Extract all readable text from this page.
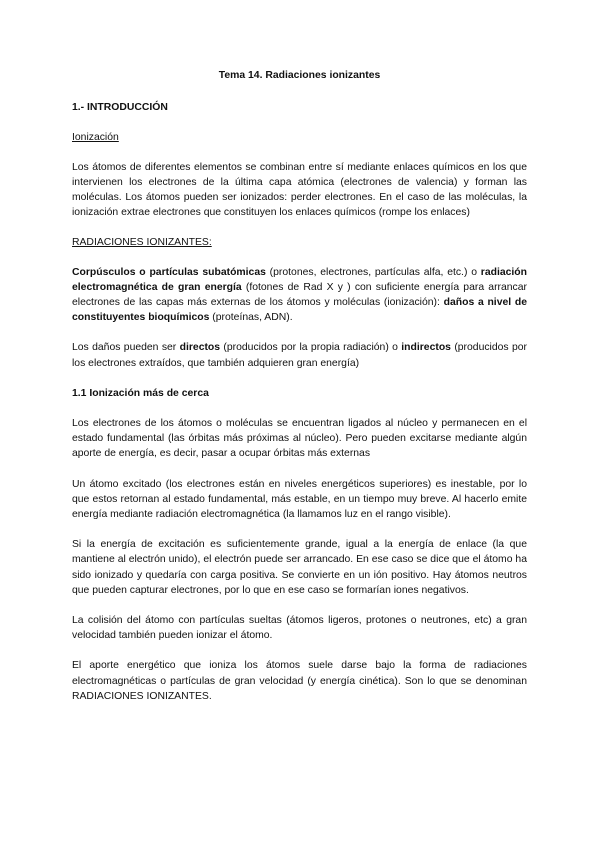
Tema 14. Radiaciones ionizantes
1.- INTRODUCCIÓN
Ionización

Los átomos de diferentes elementos se combinan entre sí mediante enlaces químicos en los que intervienen los electrones de la última capa atómica (electrones de valencia) y forman las moléculas. Los átomos pueden ser ionizados: perder electrones. En el caso de las moléculas, la ionización extrae electrones que constituyen los enlaces químicos (rompe los enlaces)

RADIACIONES IONIZANTES:

Corpúsculos o partículas subatómicas (protones, electrones, partículas alfa, etc.) o radiación electromagnética de gran energía (fotones de Rad X y ) con suficiente energía para arrancar electrones de las capas más externas de los átomos y moléculas (ionización): daños a nivel de constituyentes bioquímicos (proteínas, ADN).

Los daños pueden ser directos (producidos por la propia radiación) o indirectos (producidos por los electrones extraídos, que también adquieren gran energía)

1.1 Ionización más de cerca

Los electrones de los átomos o moléculas se encuentran ligados al núcleo y permanecen en el estado fundamental (las órbitas más próximas al núcleo). Pero pueden excitarse mediante algún aporte de energía, es decir, pasar a ocupar órbitas más externas

Un átomo excitado (los electrones están en niveles energéticos superiores) es inestable, por lo que estos retornan al estado fundamental, más estable, en un tiempo muy breve. Al hacerlo emite energía mediante radiación electromagnética (la llamamos luz en el rango visible).

Si la energía de excitación es suficientemente grande, igual a la energía de enlace (la que mantiene al electrón unido), el electrón puede ser arrancado. En ese caso se dice que el átomo ha sido ionizado y quedaría con carga positiva. Se convierte en un ión positivo. Hay átomos neutros que pueden capturar electrones, por lo que en ese caso se formarían iones negativos.

La colisión del átomo con partículas sueltas (átomos ligeros, protones o neutrones, etc) a gran velocidad también pueden ionizar el átomo.

El aporte energético que ioniza los átomos suele darse bajo la forma de radiaciones electromagnéticas o partículas de gran velocidad (y energía cinética). Son lo que se denominan RADIACIONES IONIZANTES.
